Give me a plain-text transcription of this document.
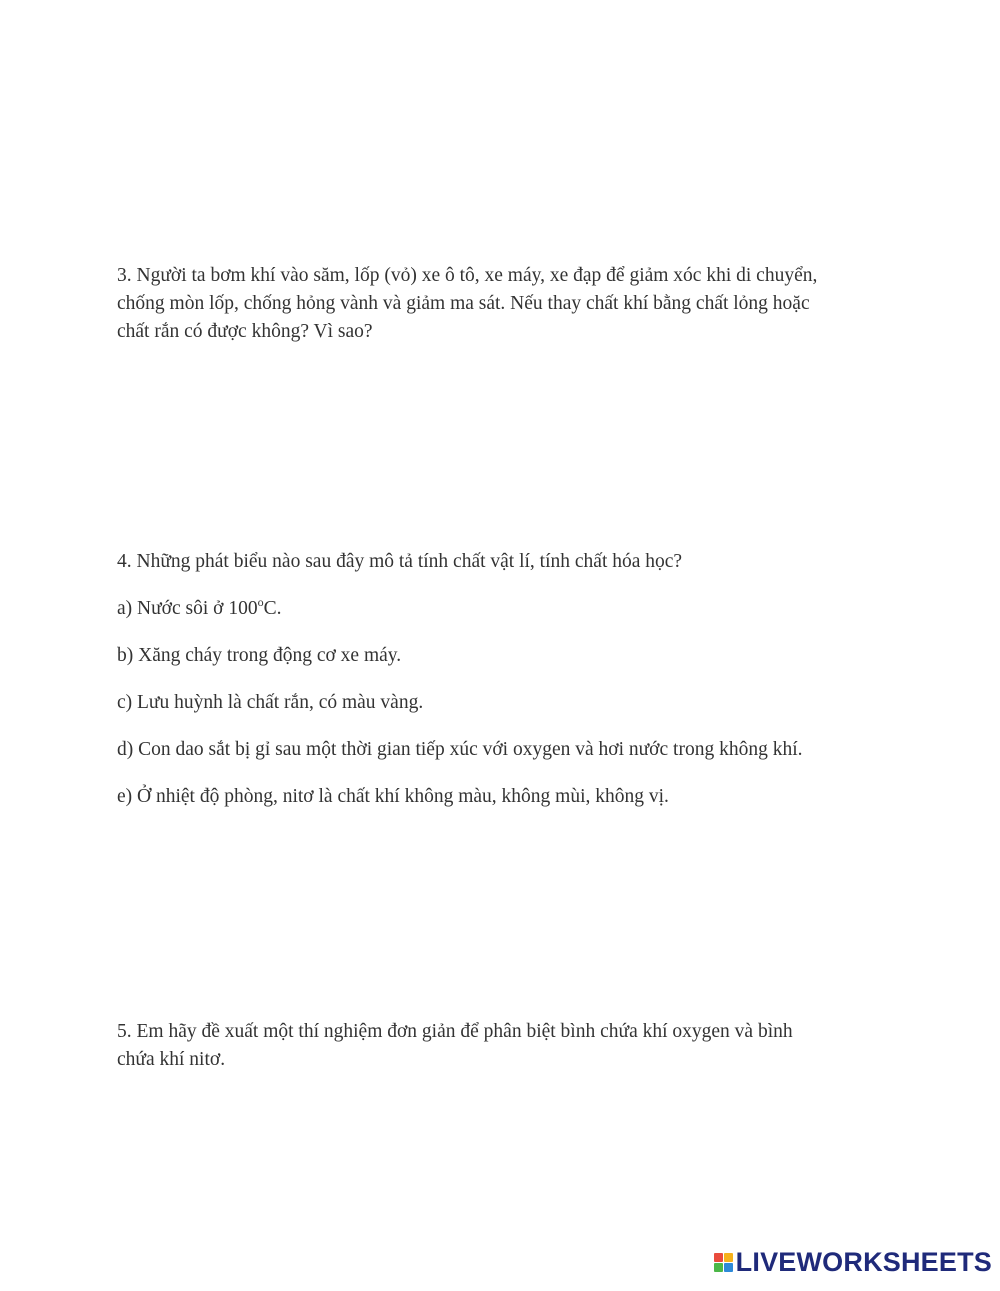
3. Người ta bơm khí vào săm, lốp (vỏ) xe ô tô, xe máy, xe đạp để giảm xóc khi di chuyển,

chống mòn lốp, chống hỏng vành và giảm ma sát. Nếu thay chất khí bằng chất lỏng hoặc

chất rắn có được không? Vì sao?

4. Những phát biểu nào sau đây mô tả tính chất vật lí, tính chất hóa học?

a) Nước sôi ở 100$^o$C.

b) Xăng cháy trong động cơ xe máy.

c) Lưu huỳnh là chất rắn, có màu vàng.

d) Con dao sắt bị gỉ sau một thời gian tiếp xúc với oxygen và hơi nước trong không khí.

e) Ở nhiệt độ phòng, nitơ là chất khí không màu, không mùi, không vị.

5. Em hãy đề xuất một thí nghiệm đơn giản để phân biệt bình chứa khí oxygen và bình

chứa khí nitơ.

LIVEWORKSHEETS
